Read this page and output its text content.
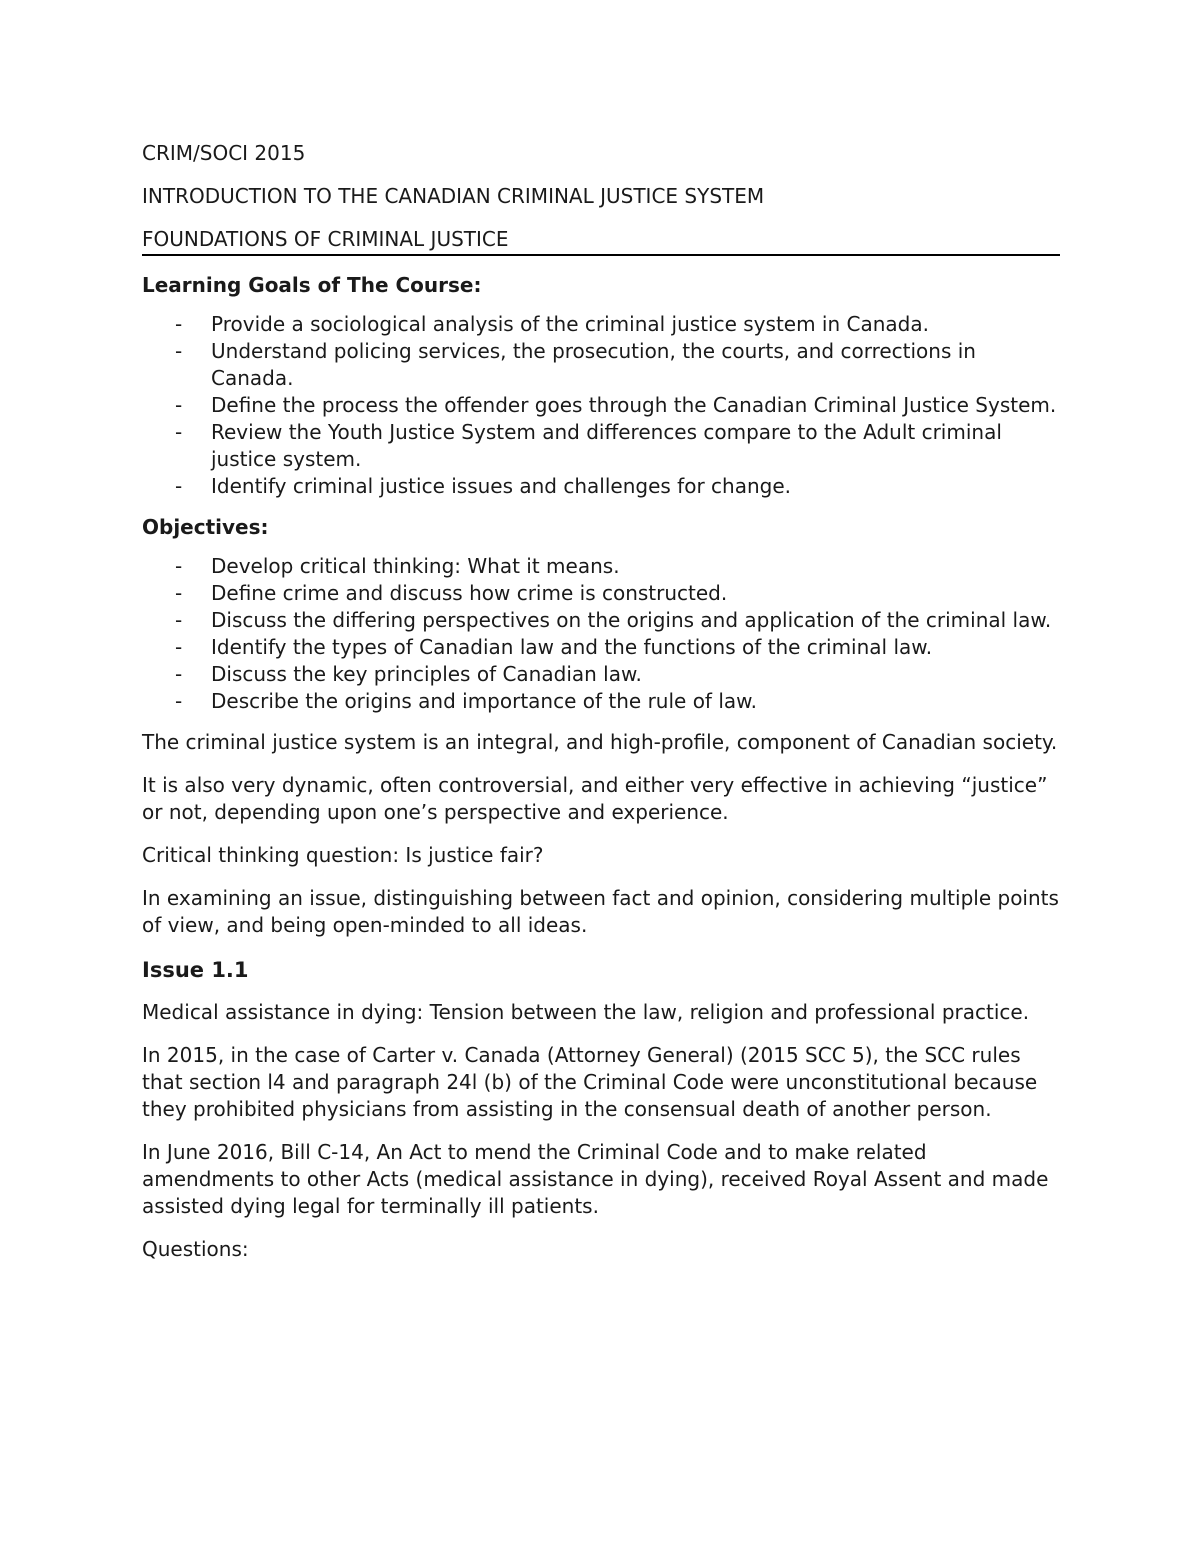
CRIM/SOCI 2015
INTRODUCTION TO THE CANADIAN CRIMINAL JUSTICE SYSTEM
FOUNDATIONS OF CRIMINAL JUSTICE
Learning Goals of The Course:
- Provide a sociological analysis of the criminal justice system in Canada.
- Understand policing services, the prosecution, the courts, and corrections in Canada.
- Define the process the offender goes through the Canadian Criminal Justice System.
- Review the Youth Justice System and differences compare to the Adult criminal justice system.
- Identify criminal justice issues and challenges for change.
Objectives:
- Develop critical thinking: What it means.
- Define crime and discuss how crime is constructed.
- Discuss the differing perspectives on the origins and application of the criminal law.
- Identify the types of Canadian law and the functions of the criminal law.
- Discuss the key principles of Canadian law.
- Describe the origins and importance of the rule of law.

The criminal justice system is an integral, and high-profile, component of Canadian society.

It is also very dynamic, often controversial, and either very effective in achieving “justice” or not, depending upon one’s perspective and experience.

Critical thinking question: Is justice fair?

In examining an issue, distinguishing between fact and opinion, considering multiple points of view, and being open-minded to all ideas.

Issue 1.1

Medical assistance in dying: Tension between the law, religion and professional practice.

In 2015, in the case of Carter v. Canada (Attorney General) (2015 SCC 5), the SCC rules that section l4 and paragraph 24l (b) of the Criminal Code were unconstitutional because they prohibited physicians from assisting in the consensual death of another person.

In June 2016, Bill C-14, An Act to mend the Criminal Code and to make related amendments to other Acts (medical assistance in dying), received Royal Assent and made assisted dying legal for terminally ill patients.

Questions:
